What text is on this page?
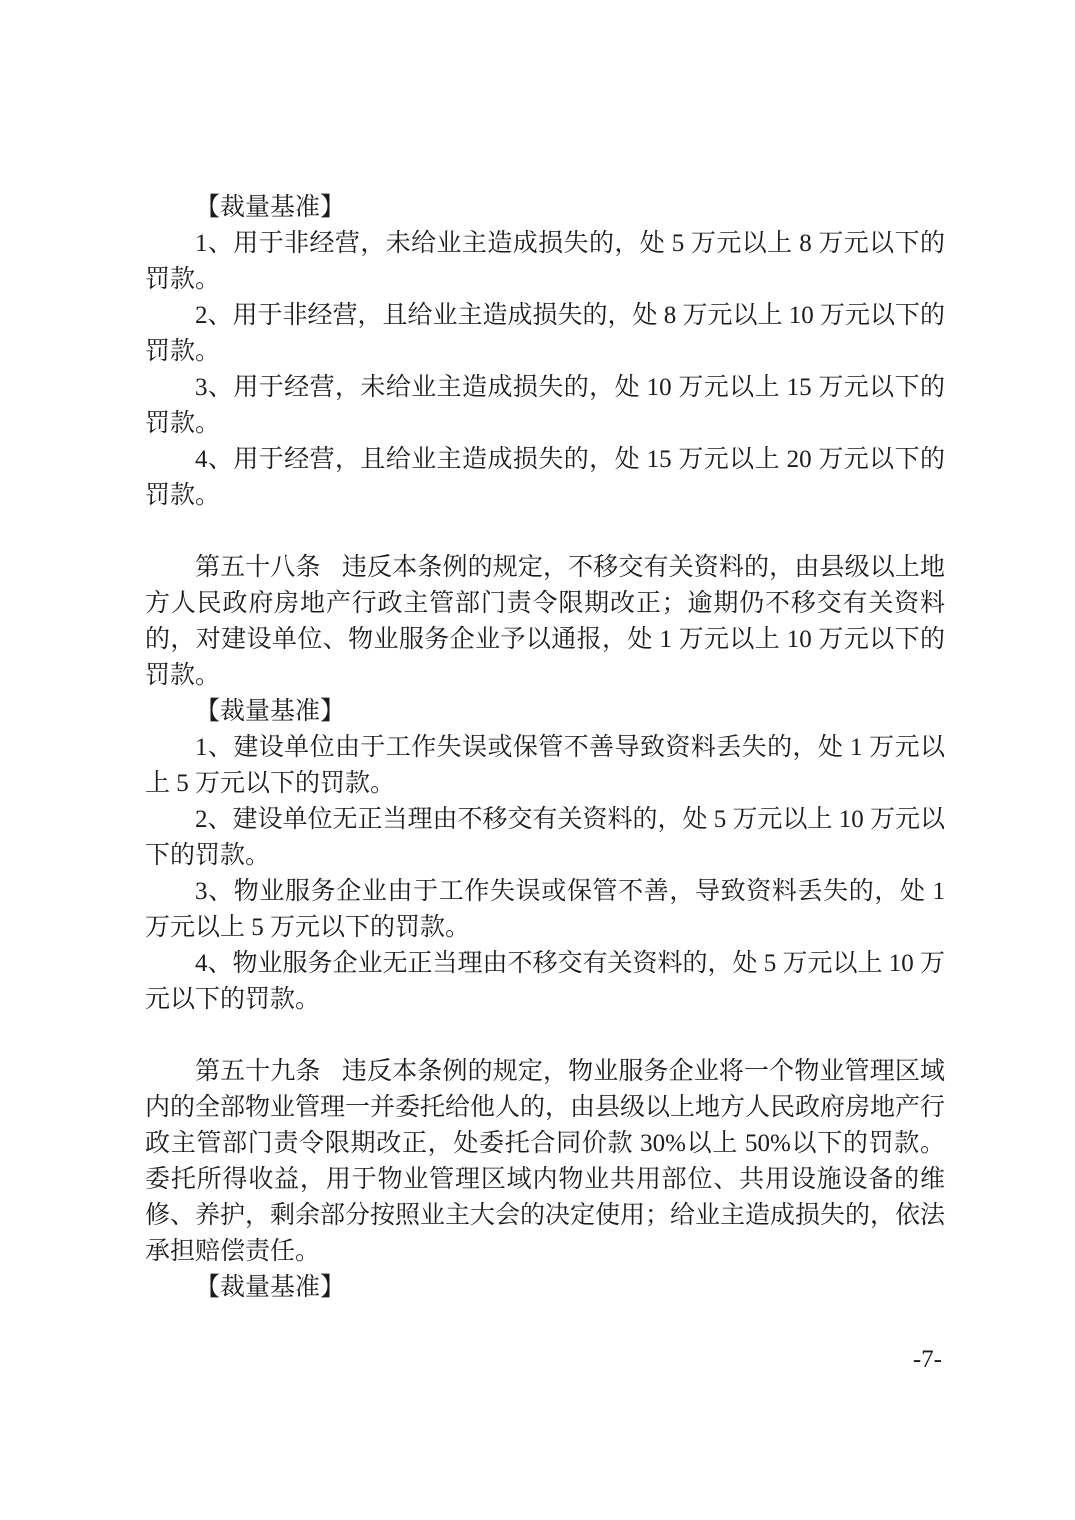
【裁量基准】

1、用于非经营，未给业主造成损失的，处 5 万元以上 8 万元以下的罚款。

2、用于非经营，且给业主造成损失的，处 8 万元以上 10 万元以下的罚款。

3、用于经营，未给业主造成损失的，处 10 万元以上 15 万元以下的罚款。

4、用于经营，且给业主造成损失的，处 15 万元以上 20 万元以下的罚款。

第五十八条 违反本条例的规定，不移交有关资料的，由县级以上地方人民政府房地产行政主管部门责令限期改正；逾期仍不移交有关资料的，对建设单位、物业服务企业予以通报，处 1 万元以上 10 万元以下的罚款。

【裁量基准】

1、建设单位由于工作失误或保管不善导致资料丢失的，处 1 万元以上 5 万元以下的罚款。

2、建设单位无正当理由不移交有关资料的，处 5 万元以上 10 万元以下的罚款。

3、物业服务企业由于工作失误或保管不善，导致资料丢失的，处 1 万元以上 5 万元以下的罚款。

4、物业服务企业无正当理由不移交有关资料的，处 5 万元以上 10 万元以下的罚款。

第五十九条 违反本条例的规定，物业服务企业将一个物业管理区域内的全部物业管理一并委托给他人的，由县级以上地方人民政府房地产行政主管部门责令限期改正，处委托合同价款 30%以上 50%以下的罚款。委托所得收益，用于物业管理区域内物业共用部位、共用设施设备的维修、养护，剩余部分按照业主大会的决定使用；给业主造成损失的，依法承担赔偿责任。

【裁量基准】

-7-
